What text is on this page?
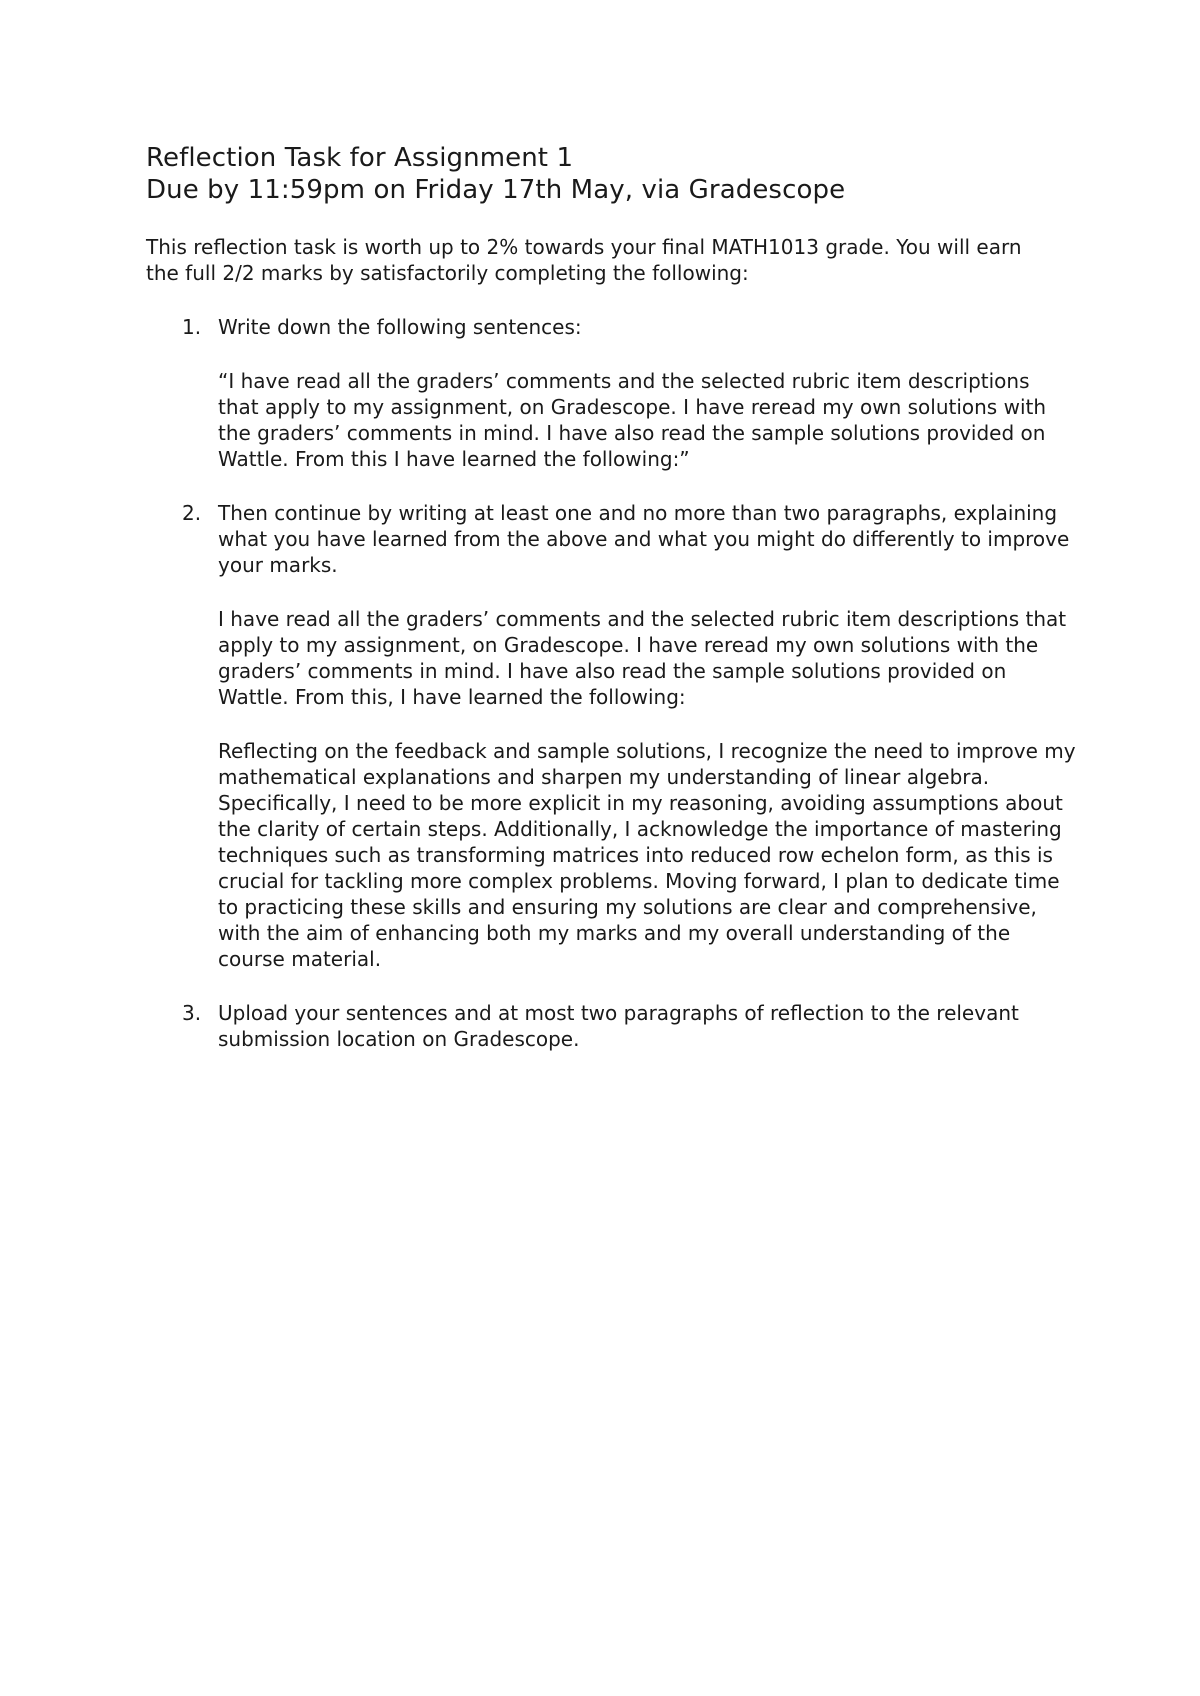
Reflection Task for Assignment 1
Due by 11:59pm on Friday 17th May, via Gradescope

This reflection task is worth up to 2% towards your final MATH1013 grade. You will earn the full 2/2 marks by satisfactorily completing the following:

1. Write down the following sentences:

“I have read all the graders’ comments and the selected rubric item descriptions that apply to my assignment, on Gradescope. I have reread my own solutions with the graders’ comments in mind. I have also read the sample solutions provided on Wattle. From this I have learned the following:”

2. Then continue by writing at least one and no more than two paragraphs, explaining what you have learned from the above and what you might do differently to improve your marks.

I have read all the graders’ comments and the selected rubric item descriptions that apply to my assignment, on Gradescope. I have reread my own solutions with the graders’ comments in mind. I have also read the sample solutions provided on Wattle. From this, I have learned the following:

Reflecting on the feedback and sample solutions, I recognize the need to improve my mathematical explanations and sharpen my understanding of linear algebra. Specifically, I need to be more explicit in my reasoning, avoiding assumptions about the clarity of certain steps. Additionally, I acknowledge the importance of mastering techniques such as transforming matrices into reduced row echelon form, as this is crucial for tackling more complex problems. Moving forward, I plan to dedicate time to practicing these skills and ensuring my solutions are clear and comprehensive, with the aim of enhancing both my marks and my overall understanding of the course material.

3. Upload your sentences and at most two paragraphs of reflection to the relevant submission location on Gradescope.
